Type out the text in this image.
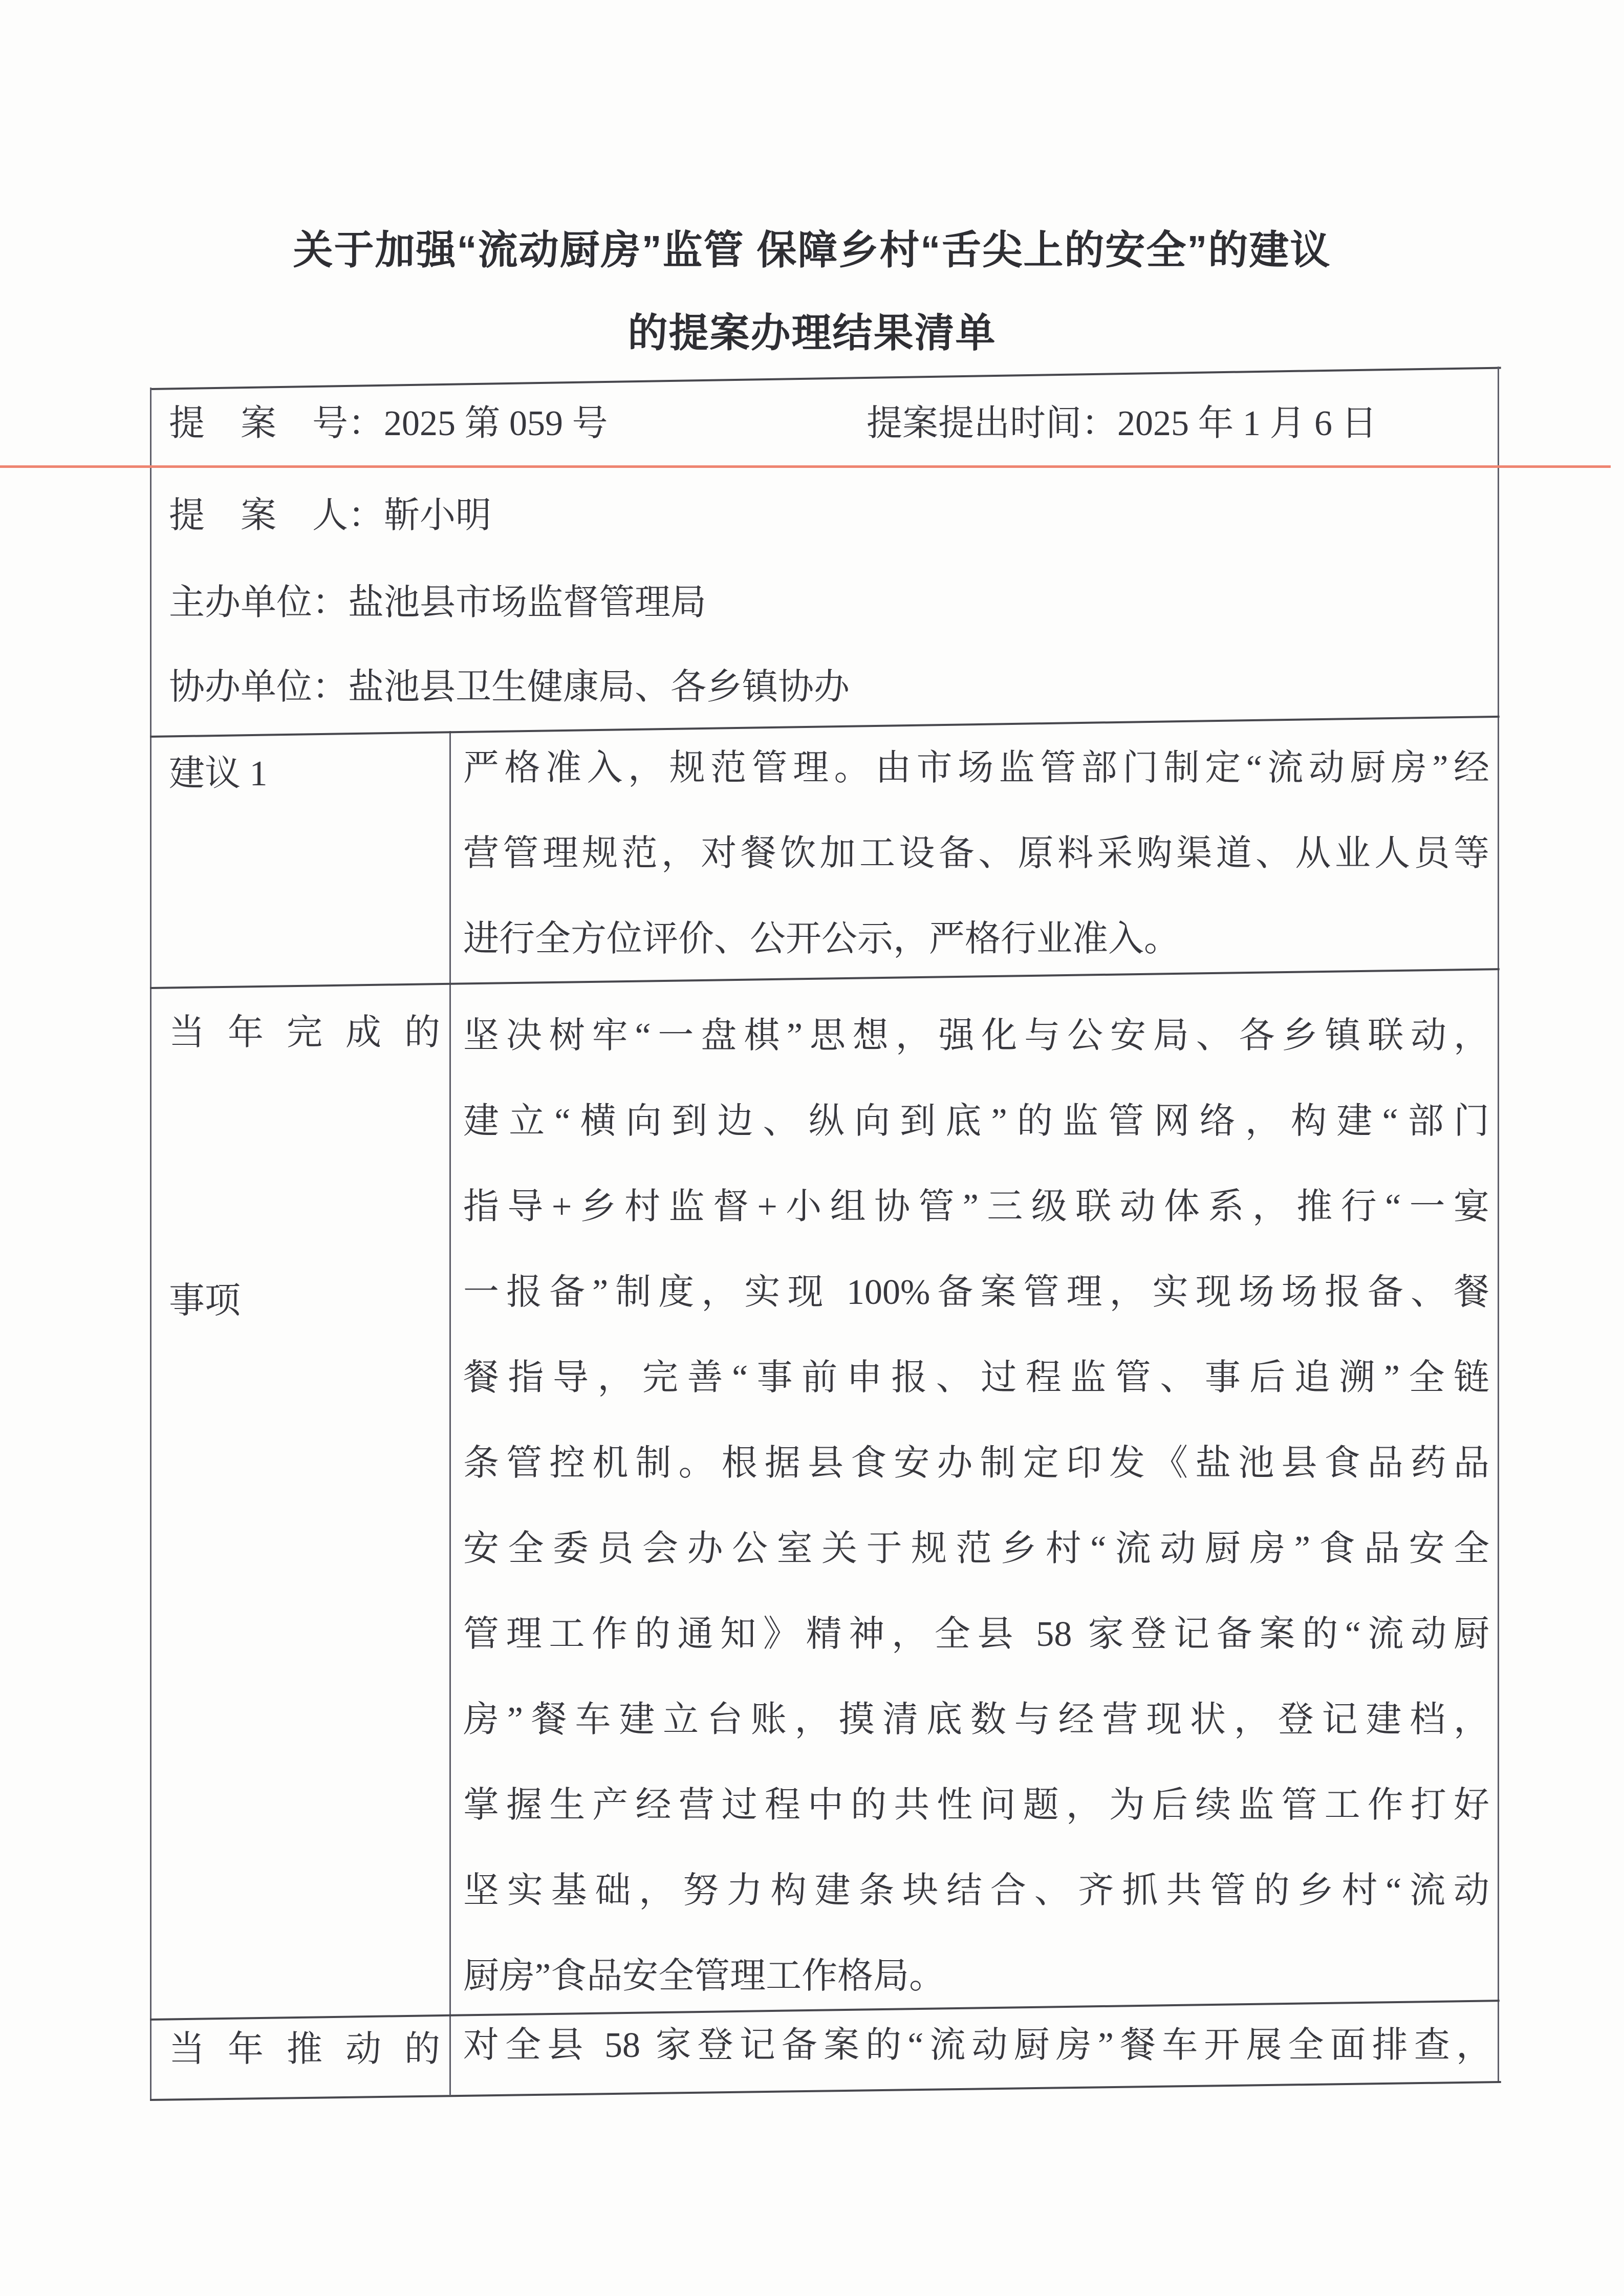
关于加强“流动厨房”监管 保障乡村“舌尖上的安全”的建议
的提案办理结果清单
提　案　号：2025 第 059 号	提案提出时间：2025 年 1 月 6 日
提　案　人：靳小明
主办单位：盐池县市场监督管理局
协办单位：盐池县卫生健康局、各乡镇协办
建议 1	严格准入，规范管理。由市场监管部门制定“流动厨房”经
营管理规范，对餐饮加工设备、原料采购渠道、从业人员等
进行全方位评价、公开公示，严格行业准入。
当年完成的
事项
坚决树牢“一盘棋”思想，强化与公安局、各乡镇联动，
建立“横向到边、纵向到底”的监管网络，构建“部门
指导+乡村监督+小组协管”三级联动体系，推行“一宴
一报备”制度，实现 100%备案管理，实现场场报备、餐
餐指导，完善“事前申报、过程监管、事后追溯”全链
条管控机制。根据县食安办制定印发《盐池县食品药品
安全委员会办公室关于规范乡村“流动厨房”食品安全
管理工作的通知》精神，全县 58 家登记备案的“流动厨
房”餐车建立台账，摸清底数与经营现状，登记建档，
掌握生产经营过程中的共性问题，为后续监管工作打好
坚实基础，努力构建条块结合、齐抓共管的乡村“流动
厨房”食品安全管理工作格局。
当年推动的 对全县 58 家登记备案的“流动厨房”餐车开展全面排查，
